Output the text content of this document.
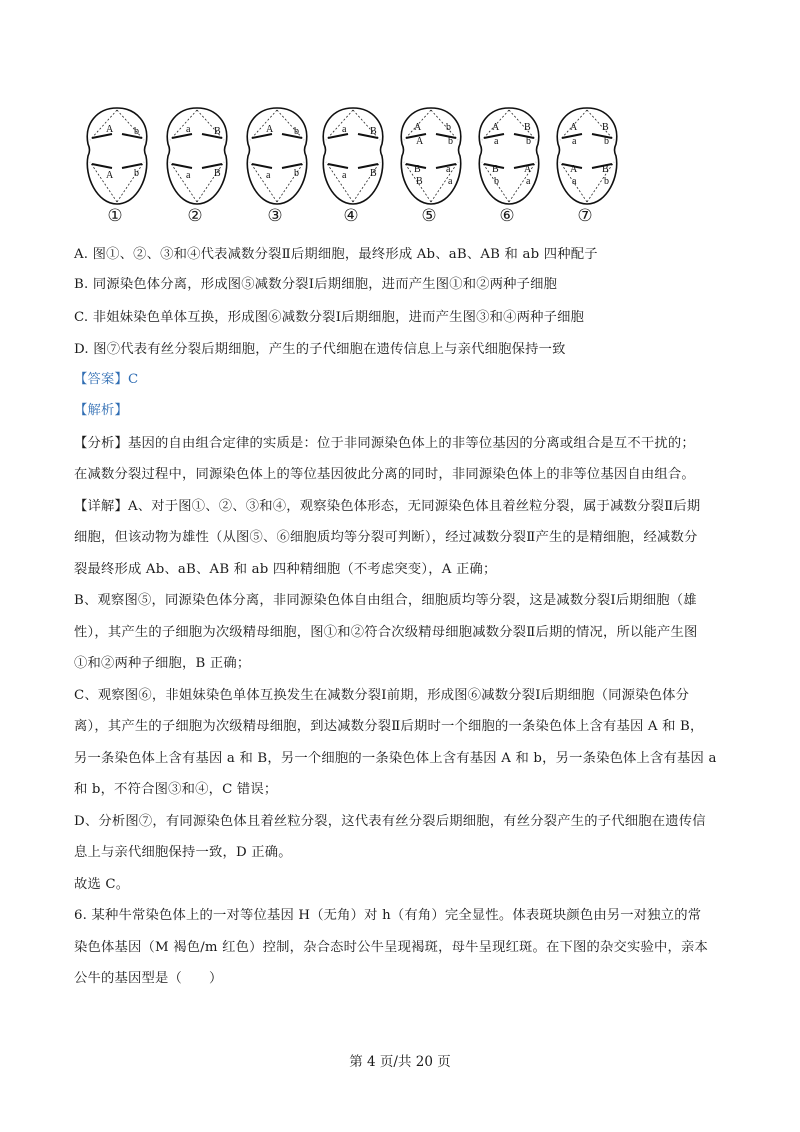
A b
A b
a B
a B
A b
a b
a B
a B
A
A
b
b
B
B
a
a
A
a
B
b
B
b
A
a
A
a
B
b
A
a
B
b
①	②	③	④	⑤	⑥	⑦
A. 图①、②、③和④代表减数分裂Ⅱ后期细胞，最终形成 Ab、aB、AB 和 ab 四种配子
B. 同源染色体分离，形成图⑤减数分裂Ⅰ后期细胞，进而产生图①和②两种子细胞
C. 非姐妹染色单体互换，形成图⑥减数分裂Ⅰ后期细胞，进而产生图③和④两种子细胞
D. 图⑦代表有丝分裂后期细胞，产生的子代细胞在遗传信息上与亲代细胞保持一致
【答案】C
【解析】
【分析】基因的自由组合定律的实质是：位于非同源染色体上的非等位基因的分离或组合是互不干扰的；
在减数分裂过程中，同源染色体上的等位基因彼此分离的同时，非同源染色体上的非等位基因自由组合。
【详解】A、对于图①、②、③和④，观察染色体形态，无同源染色体且着丝粒分裂，属于减数分裂Ⅱ后期
细胞，但该动物为雄性（从图⑤、⑥细胞质均等分裂可判断），经过减数分裂Ⅱ产生的是精细胞，经减数分
裂最终形成 Ab、aB、AB 和 ab 四种精细胞（不考虑突变），A 正确；
B、观察图⑤，同源染色体分离，非同源染色体自由组合，细胞质均等分裂，这是减数分裂Ⅰ后期细胞（雄
性），其产生的子细胞为次级精母细胞，图①和②符合次级精母细胞减数分裂Ⅱ后期的情况，所以能产生图
①和②两种子细胞，B 正确；
C、观察图⑥，非姐妹染色单体互换发生在减数分裂Ⅰ前期，形成图⑥减数分裂Ⅰ后期细胞（同源染色体分
离），其产生的子细胞为次级精母细胞，到达减数分裂Ⅱ后期时一个细胞的一条染色体上含有基因 A 和 B，
另一条染色体上含有基因 a 和 B，另一个细胞的一条染色体上含有基因 A 和 b，另一条染色体上含有基因 a
和 b，不符合图③和④，C 错误；
D、分析图⑦，有同源染色体且着丝粒分裂，这代表有丝分裂后期细胞，有丝分裂产生的子代细胞在遗传信
息上与亲代细胞保持一致，D 正确。
故选 C。
6. 某种牛常染色体上的一对等位基因 H（无角）对 h（有角）完全显性。体表斑块颜色由另一对独立的常
染色体基因（M 褐色/m 红色）控制，杂合态时公牛呈现褐斑，母牛呈现红斑。在下图的杂交实验中，亲本
公牛的基因型是（　　）
第 4 页/共 20 页
